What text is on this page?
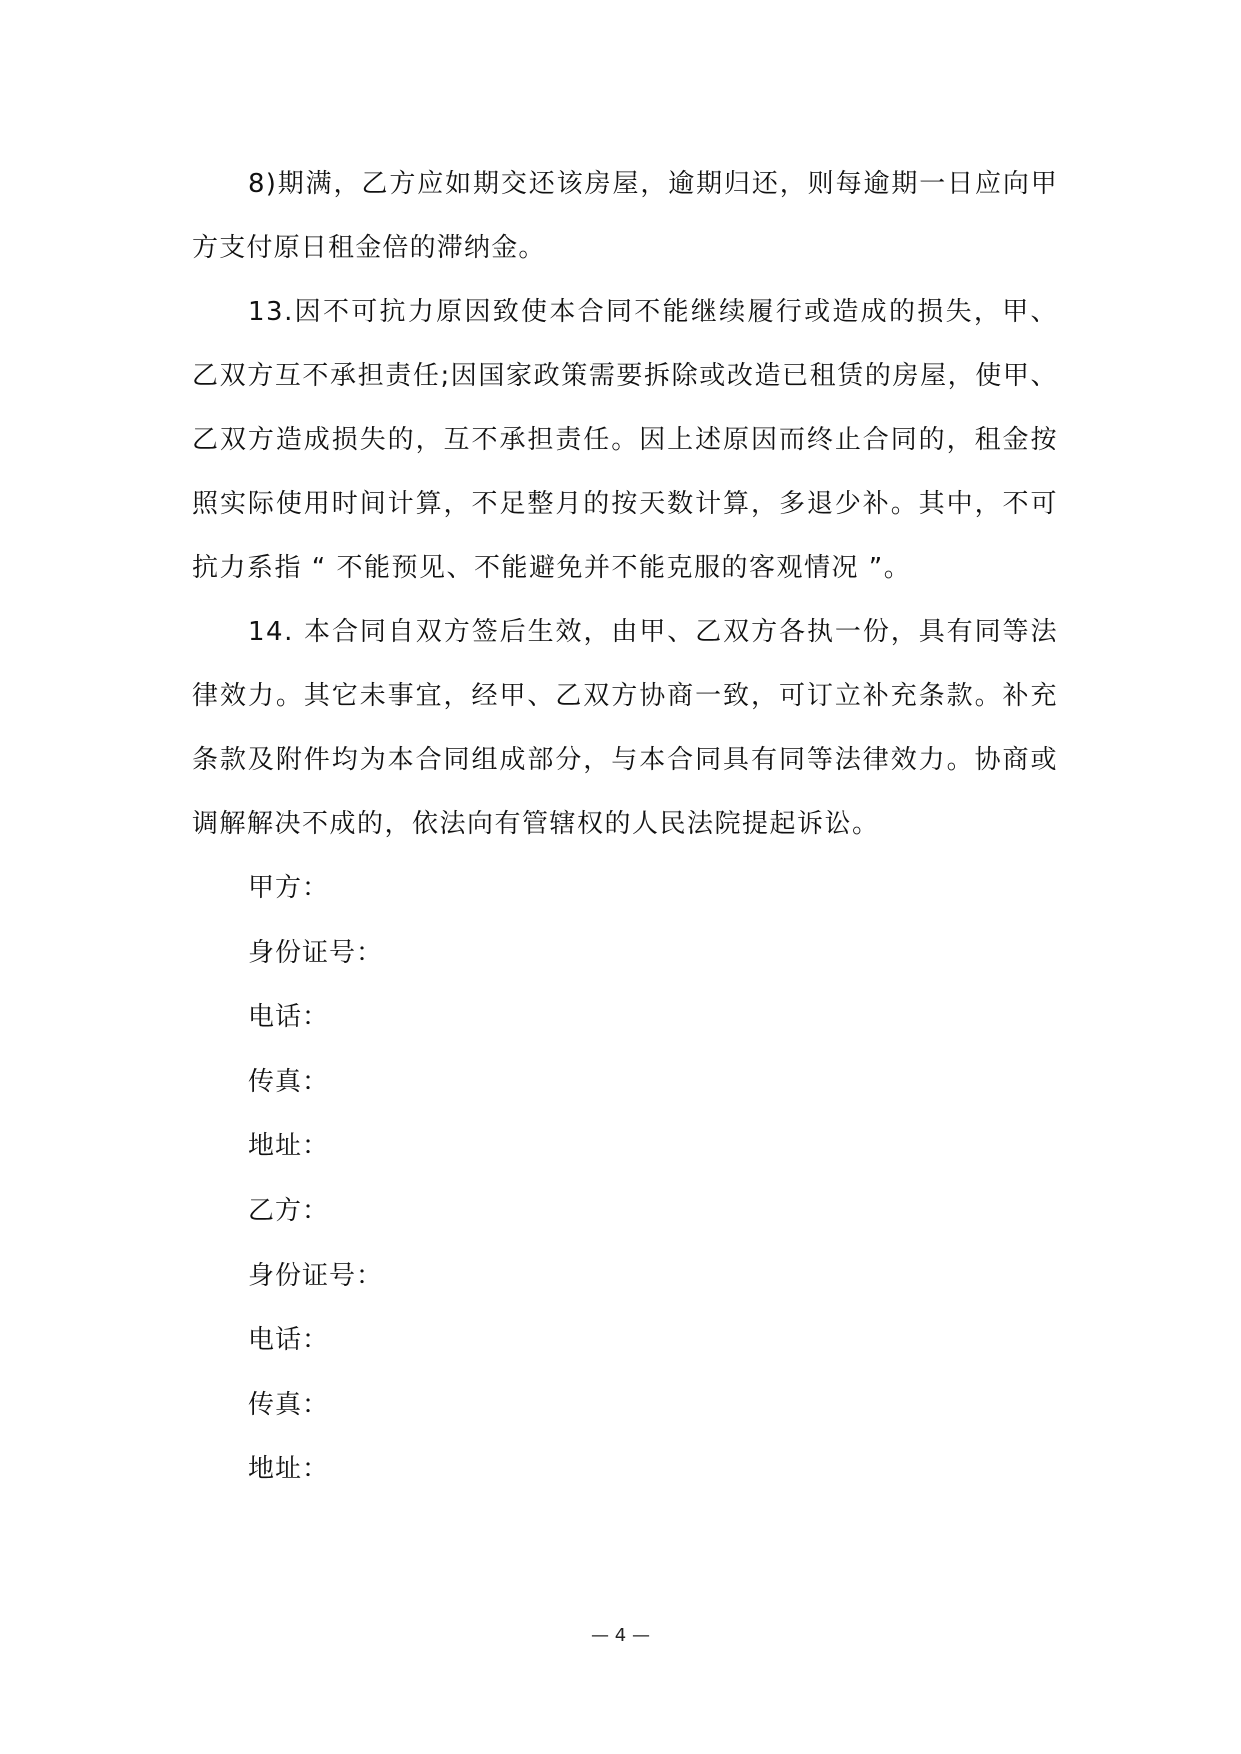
8)期满，乙方应如期交还该房屋，逾期归还，则每逾期一日应向甲方支付原日租金倍的滞纳金。

13.因不可抗力原因致使本合同不能继续履行或造成的损失，甲、乙双方互不承担责任;因国家政策需要拆除或改造已租赁的房屋，使甲、乙双方造成损失的，互不承担责任。因上述原因而终止合同的，租金按照实际使用时间计算，不足整月的按天数计算，多退少补。其中，不可抗力系指 “ 不能预见、不能避免并不能克服的客观情况 ”。

14. 本合同自双方签后生效，由甲、乙双方各执一份，具有同等法律效力。其它未事宜，经甲、乙双方协商一致，可订立补充条款。补充条款及附件均为本合同组成部分，与本合同具有同等法律效力。协商或调解解决不成的，依法向有管辖权的人民法院提起诉讼。

甲方：

身份证号：

电话：

传真：

地址：

乙方：

身份证号：

电话：

传真：

地址：

— 4 —
